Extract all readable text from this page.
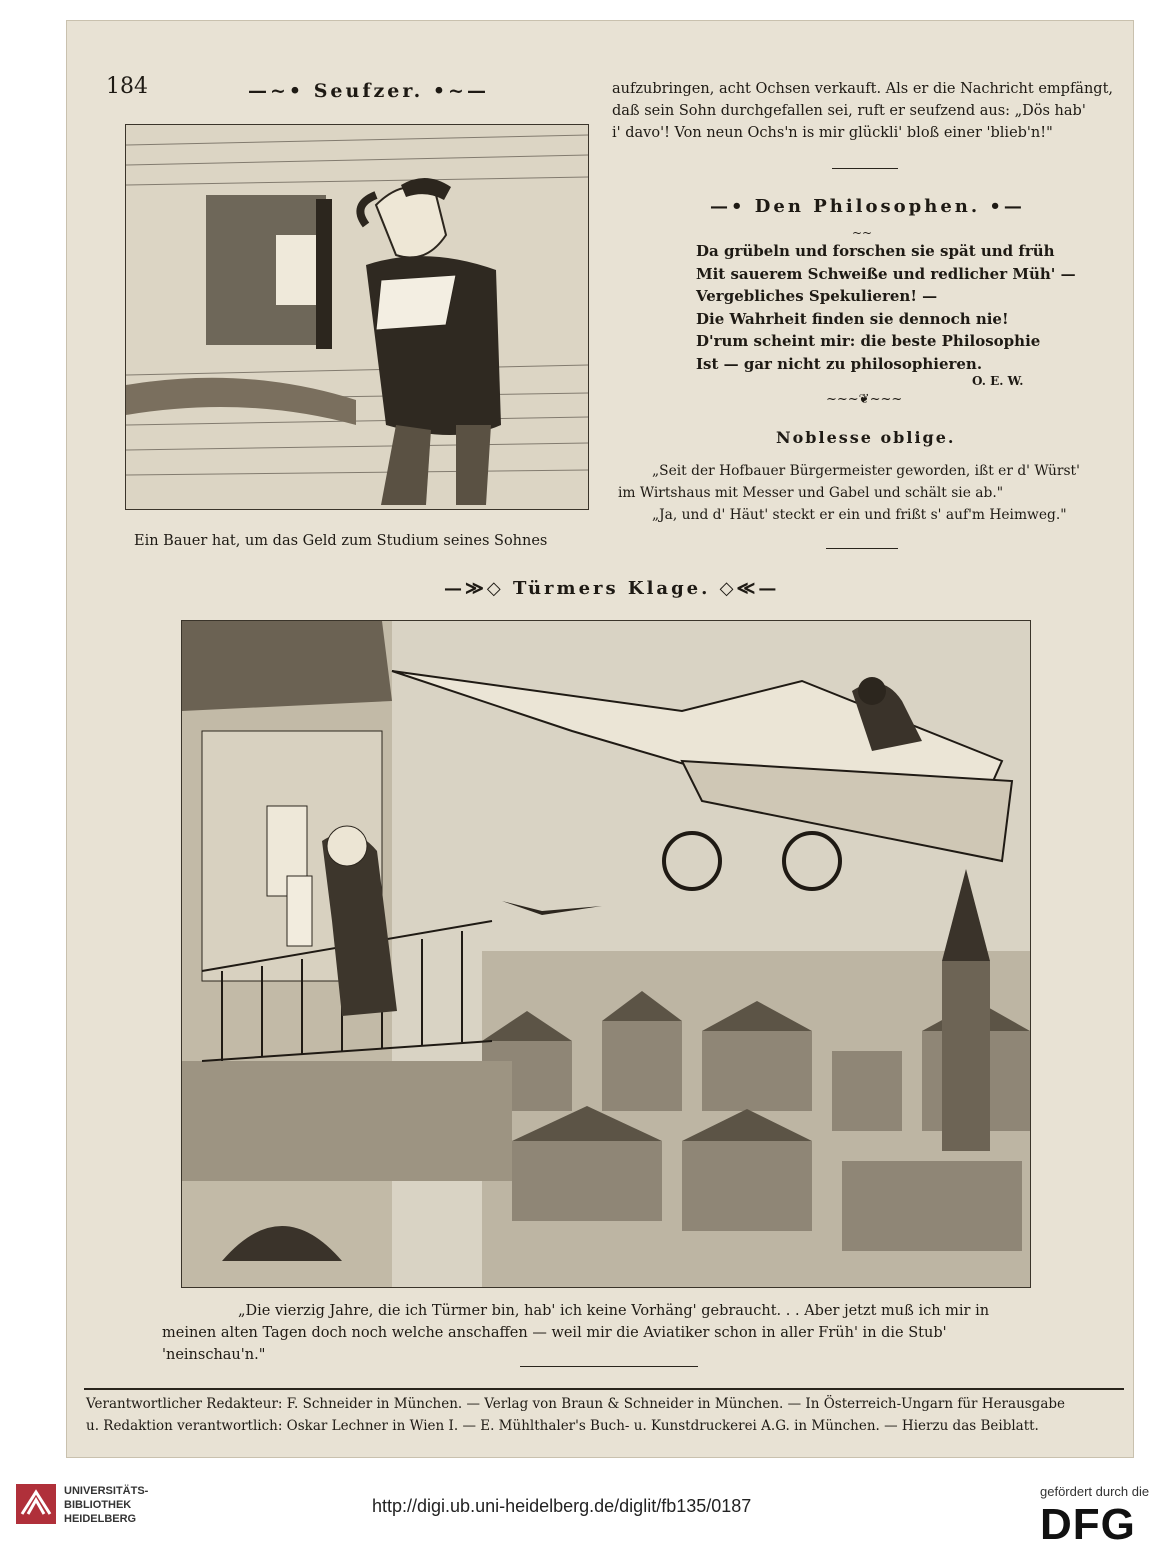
184	—~• Seufzer. •~—
Ein Bauer hat, um das Geld zum Studium seines Sohnes
aufzubringen, acht Ochsen verkauft. Als er die Nachricht empfängt,
daß sein Sohn durchgefallen sei, ruft er seufzend aus: „Dös hab'
i' davo'! Von neun Ochs'n is mir glückli' bloß einer 'blieb'n!"
—• Den Philosophen. •—
~~
Da grübeln und forschen sie spät und früh
Mit sauerem Schweiße und redlicher Müh' —
Vergebliches Spekulieren! —
Die Wahrheit finden sie dennoch nie!
D'rum scheint mir: die beste Philosophie
Ist — gar nicht zu philosophieren.
O. E. W.
~~~❦~~~
Noblesse oblige.
„Seit der Hofbauer Bürgermeister geworden, ißt er d' Würst'
im Wirtshaus mit Messer und Gabel und schält sie ab."
„Ja, und d' Häut' steckt er ein und frißt s' auf'm Heimweg."
—≫◇ Türmers Klage. ◇≪—
„Die vierzig Jahre, die ich Türmer bin, hab' ich keine Vorhäng' gebraucht. . . Aber jetzt muß ich mir in
meinen alten Tagen doch noch welche anschaffen — weil mir die Aviatiker schon in aller Früh' in die Stub'
'neinschau'n."
Verantwortlicher Redakteur: F. Schneider in München. — Verlag von Braun & Schneider in München. — In Österreich-Ungarn für Herausgabe
u. Redaktion verantwortlich: Oskar Lechner in Wien I. — E. Mühlthaler's Buch- u. Kunstdruckerei A.G. in München. — Hierzu das Beiblatt.
UNIVERSITÄTS-
BIBLIOTHEK
HEIDELBERG
http://digi.ub.uni-heidelberg.de/diglit/fb135/0187
gefördert durch die
DFG
